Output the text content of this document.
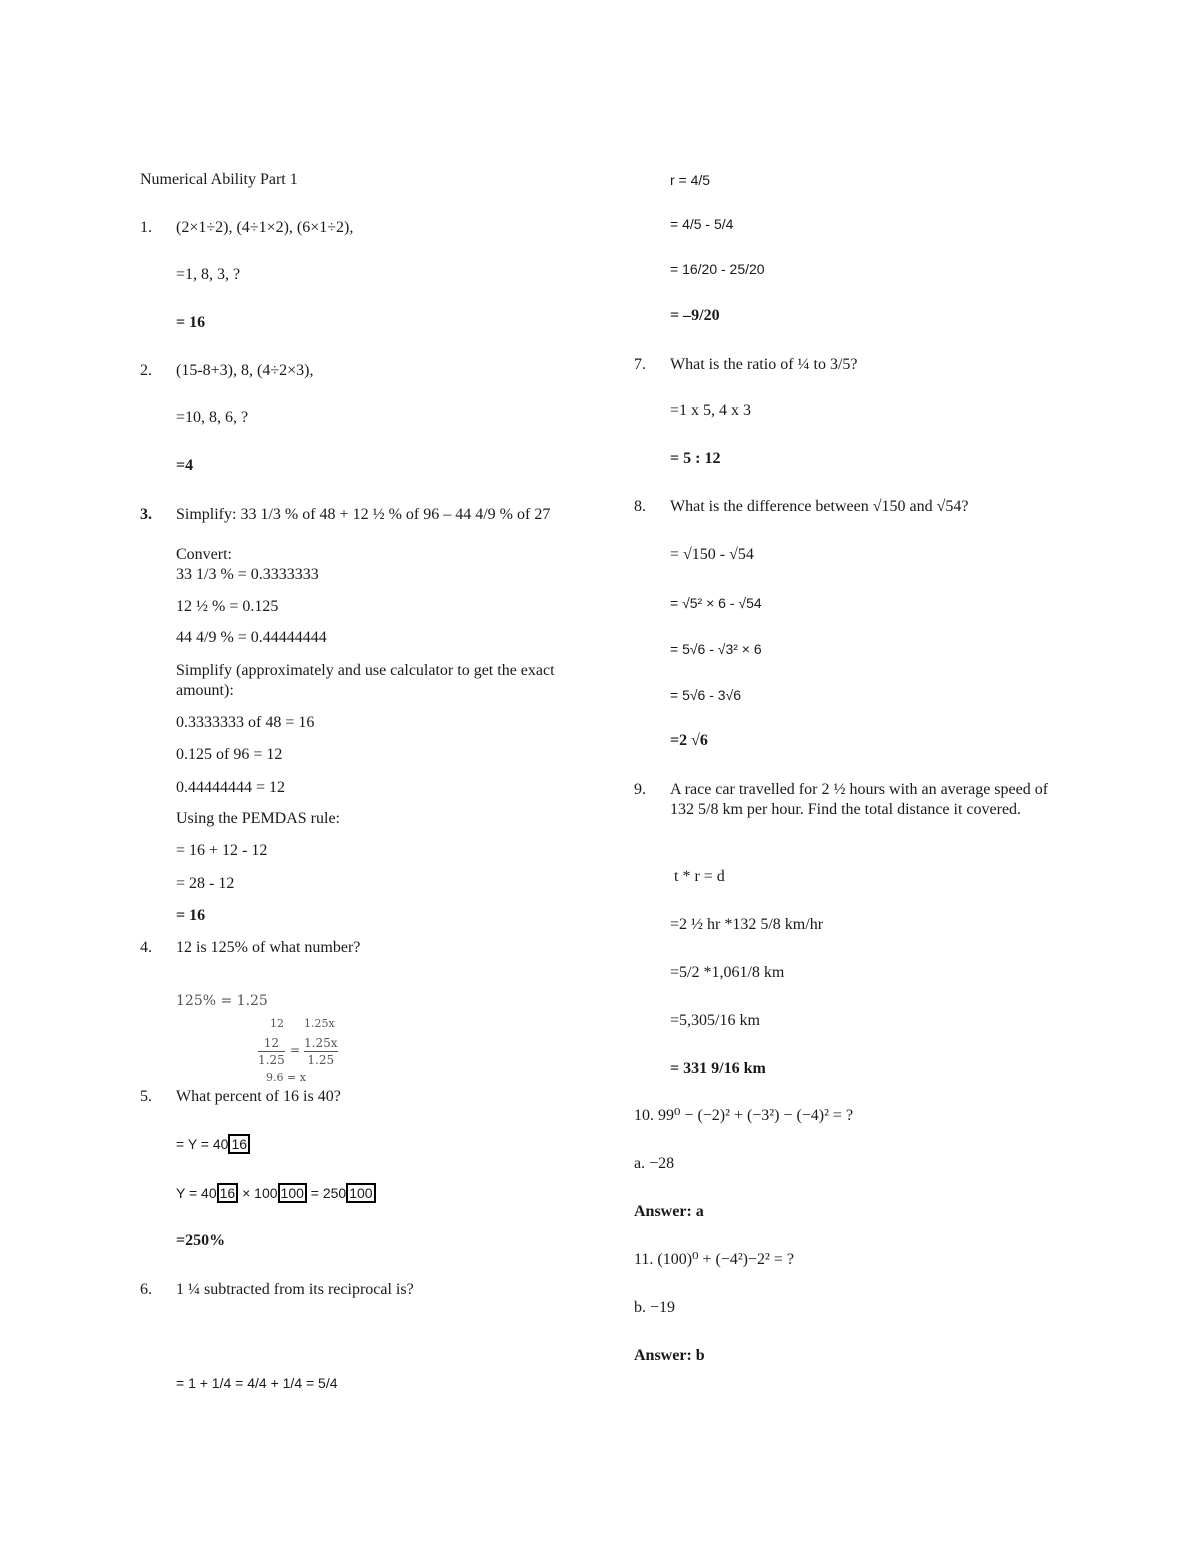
Numerical Ability Part 1
1. (2×1÷2), (4÷1×2), (6×1÷2),
=1, 8, 3, ?
= 16
2. (15-8+3), 8, (4÷2×3),
=10, 8, 6, ?
=4
3. Simplify: 33 1/3 % of 48 + 12 ½ % of 96 – 44 4/9 % of 27
Convert:
33 1/3 % = 0.3333333
12 ½ % = 0.125
44 4/9 % = 0.44444444
Simplify (approximately and use calculator to get the exact amount):
0.3333333 of 48 = 16
0.125 of 96 = 12
0.44444444 = 12
Using the PEMDAS rule:
= 16 + 12 - 12
= 28 - 12
= 16
4. 12 is 125% of what number?
125% = 1.25
12 1.25x
$\frac{12}{1.25} = \frac{1.25x}{1.25}$
9.6 = x
5. What percent of 16 is 40?
= Y = 40 16
Y = 40 16 × 100 100 = 250 100
=250%
6. 1 ¼ subtracted from its reciprocal is?
= 1 + 1/4 = 4/4 + 1/4 = 5/4
r = 4/5
= 4/5 - 5/4
= 16/20 - 25/20
= –9/20
7. What is the ratio of ¼ to 3/5?
=1 x 5, 4 x 3
= 5 : 12
8. What is the difference between √150 and √54?
= √150 - √54
= √5² × 6 - √54
= 5√6 - √3² × 6
= 5√6 - 3√6
=2 √6
9. A race car travelled for 2 ½ hours with an average speed of 132 5/8 km per hour. Find the total distance it covered.
t * r = d
=2 ½ hr *132 5/8 km/hr
=5/2 *1,061/8 km
=5,305/16 km
= 331 9/16 km
10. 99⁰ − (−2)² + (−3²) − (−4)² = ?
a. −28
Answer: a
11. (100)⁰ + (−4²)−2² = ?
b. −19
Answer: b
